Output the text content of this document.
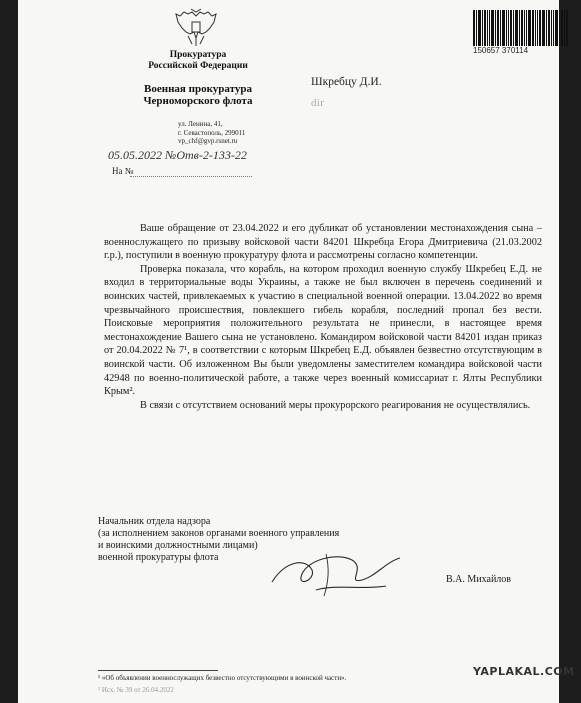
Прокуратура
Российской Федерации
Военная прокуратура
Черноморского флота
ул. Ленина, 41,
г. Севастополь, 299011
vp_chf@gvp.rsnet.ru
05.05.2022 №Отв-2-133-22
На №
150657 370114
Шкребцу Д.И.
dir

Ваше обращение от 23.04.2022 и его дубликат об установлении местонахождения сына – военнослужащего по призыву войсковой части 84201 Шкребца Егора Дмитриевича (21.03.2002 г.р.), поступили в военную прокуратуру флота и рассмотрены согласно компетенции.

Проверка показала, что корабль, на котором проходил военную службу Шкребец Е.Д. не входил в территориальные воды Украины, а также не был включен в перечень соединений и воинских частей, привлекаемых к участию в специальной военной операции. 13.04.2022 во время чрезвычайного происшествия, повлекшего гибель корабля, последний пропал без вести. Поисковые мероприятия положительного результата не принесли, в настоящее время местонахождение Вашего сына не установлено. Командиром войсковой части 84201 издан приказ от 20.04.2022 № 7¹, в соответствии с которым Шкребец Е.Д. объявлен безвестно отсутствующим в воинской части. Об изложенном Вы были уведомлены заместителем командира войсковой части 42948 по военно-политической работе, а также через военный комиссариат г. Ялты Республики Крым².

В связи с отсутствием оснований меры прокурорского реагирования не осуществлялись.

Начальник отдела надзора
(за исполнением законов органами военного управления
и воинскими должностными лицами)
военной прокуратуры флота
В.А. Михайлов
¹ «Об объявлении военнослужащих безвестно отсутствующими в воинской части».
² Исх. № 39 от 26.04.2022
YAPLAKAL.COM
